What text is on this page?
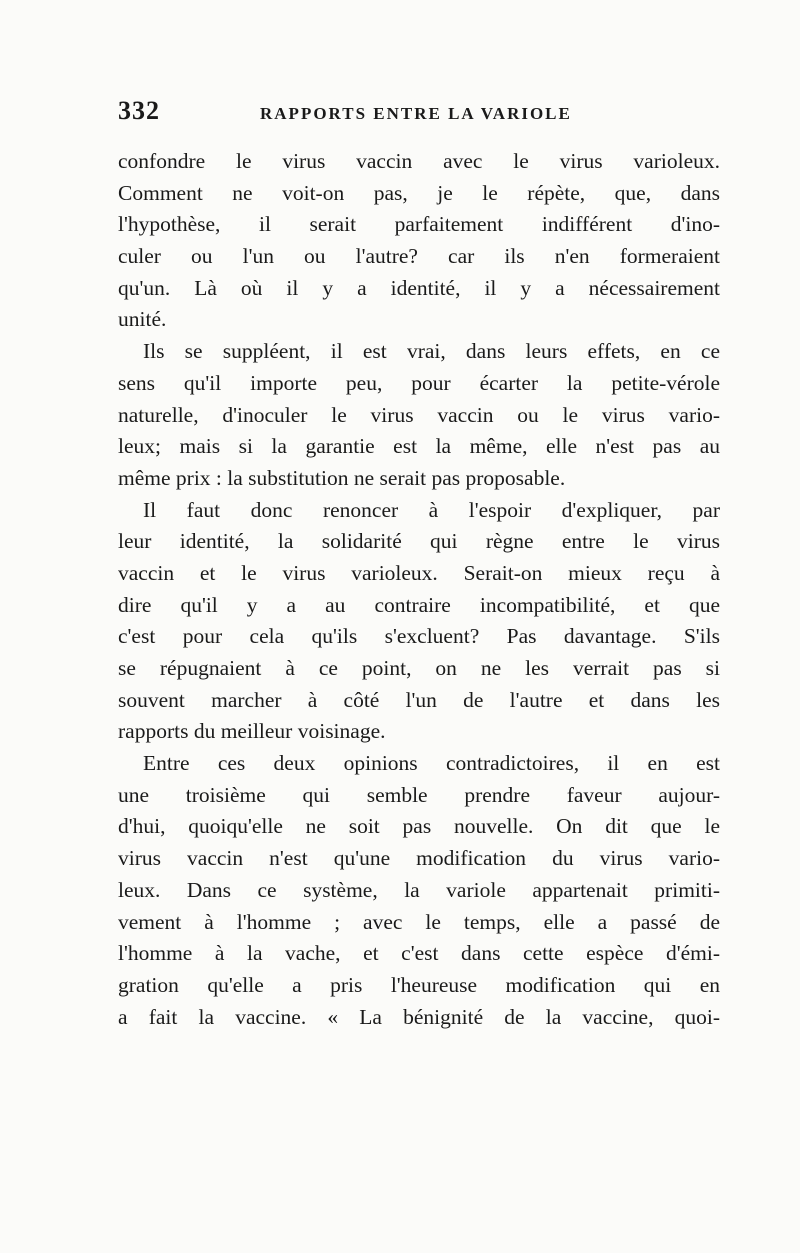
332	RAPPORTS ENTRE LA VARIOLE
confondre le virus vaccin avec le virus varioleux.
Comment ne voit-on pas, je le répète, que, dans
l'hypothèse, il serait parfaitement indifférent d'ino-
culer ou l'un ou l'autre? car ils n'en formeraient
qu'un. Là où il y a identité, il y a nécessairement
unité.
Ils se suppléent, il est vrai, dans leurs effets, en ce
sens qu'il importe peu, pour écarter la petite-vérole
naturelle, d'inoculer le virus vaccin ou le virus vario-
leux; mais si la garantie est la même, elle n'est pas au
même prix : la substitution ne serait pas proposable.
Il faut donc renoncer à l'espoir d'expliquer, par
leur identité, la solidarité qui règne entre le virus
vaccin et le virus varioleux. Serait-on mieux reçu à
dire qu'il y a au contraire incompatibilité, et que
c'est pour cela qu'ils s'excluent? Pas davantage. S'ils
se répugnaient à ce point, on ne les verrait pas si
souvent marcher à côté l'un de l'autre et dans les
rapports du meilleur voisinage.
Entre ces deux opinions contradictoires, il en est
une troisième qui semble prendre faveur aujour-
d'hui, quoiqu'elle ne soit pas nouvelle. On dit que le
virus vaccin n'est qu'une modification du virus vario-
leux. Dans ce système, la variole appartenait primiti-
vement à l'homme ; avec le temps, elle a passé de
l'homme à la vache, et c'est dans cette espèce d'émi-
gration qu'elle a pris l'heureuse modification qui en
a fait la vaccine. « La bénignité de la vaccine, quoi-
